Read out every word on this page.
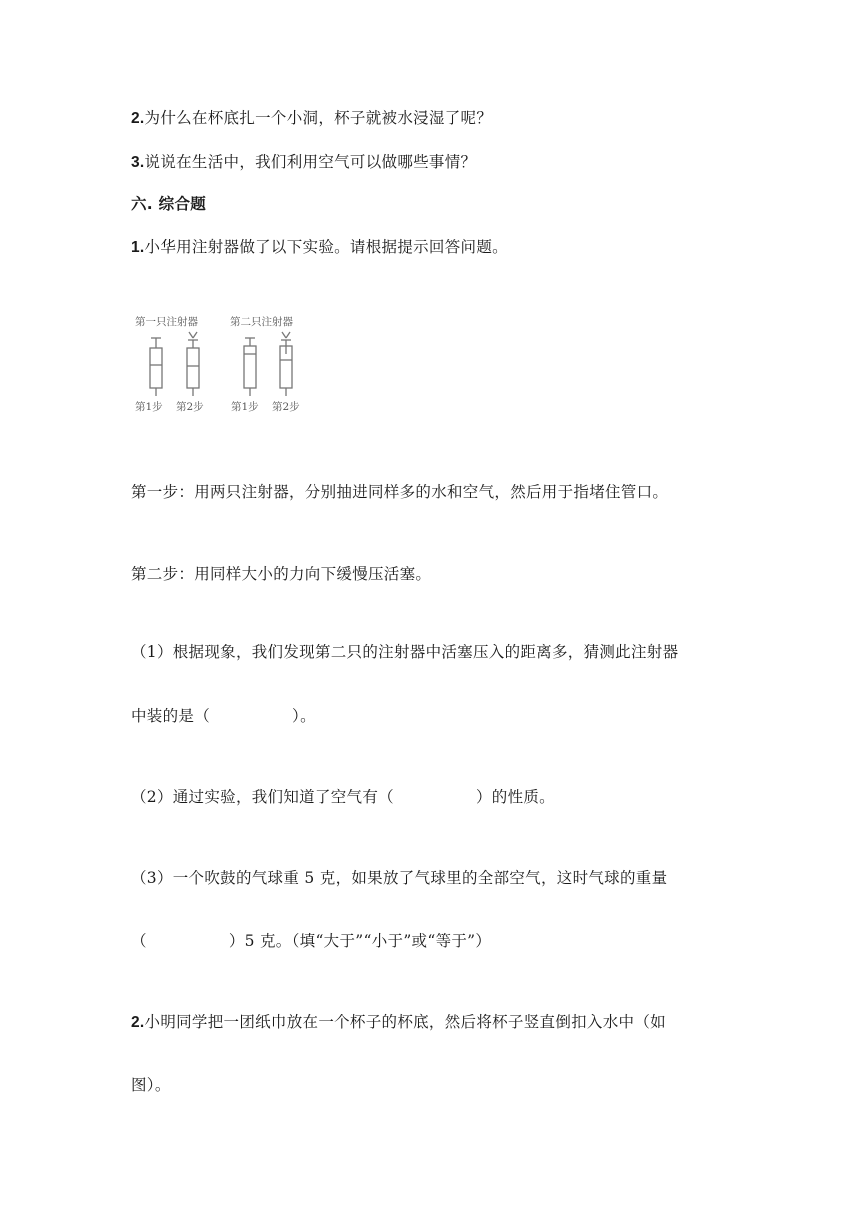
2.为什么在杯底扎一个小洞，杯子就被水浸湿了呢？
3.说说在生活中，我们利用空气可以做哪些事情？
六. 综合题
1.小华用注射器做了以下实验。请根据提示回答问题。
第一只注射器	第二只注射器
第1步 第2步	第1步 第2步
第一步：用两只注射器，分别抽进同样多的水和空气，然后用于指堵住管口。
第二步：用同样大小的力向下缓慢压活塞。
（1）根据现象，我们发现第二只的注射器中活塞压入的距离多，猜测此注射器
中装的是（	）。
（2）通过实验，我们知道了空气有（	）的性质。
（3）一个吹鼓的气球重 5 克，如果放了气球里的全部空气，这时气球的重量
（	）5 克。（填“大于”“小于”或“等于”）
2.小明同学把一团纸巾放在一个杯子的杯底，然后将杯子竖直倒扣入水中（如
图）。
